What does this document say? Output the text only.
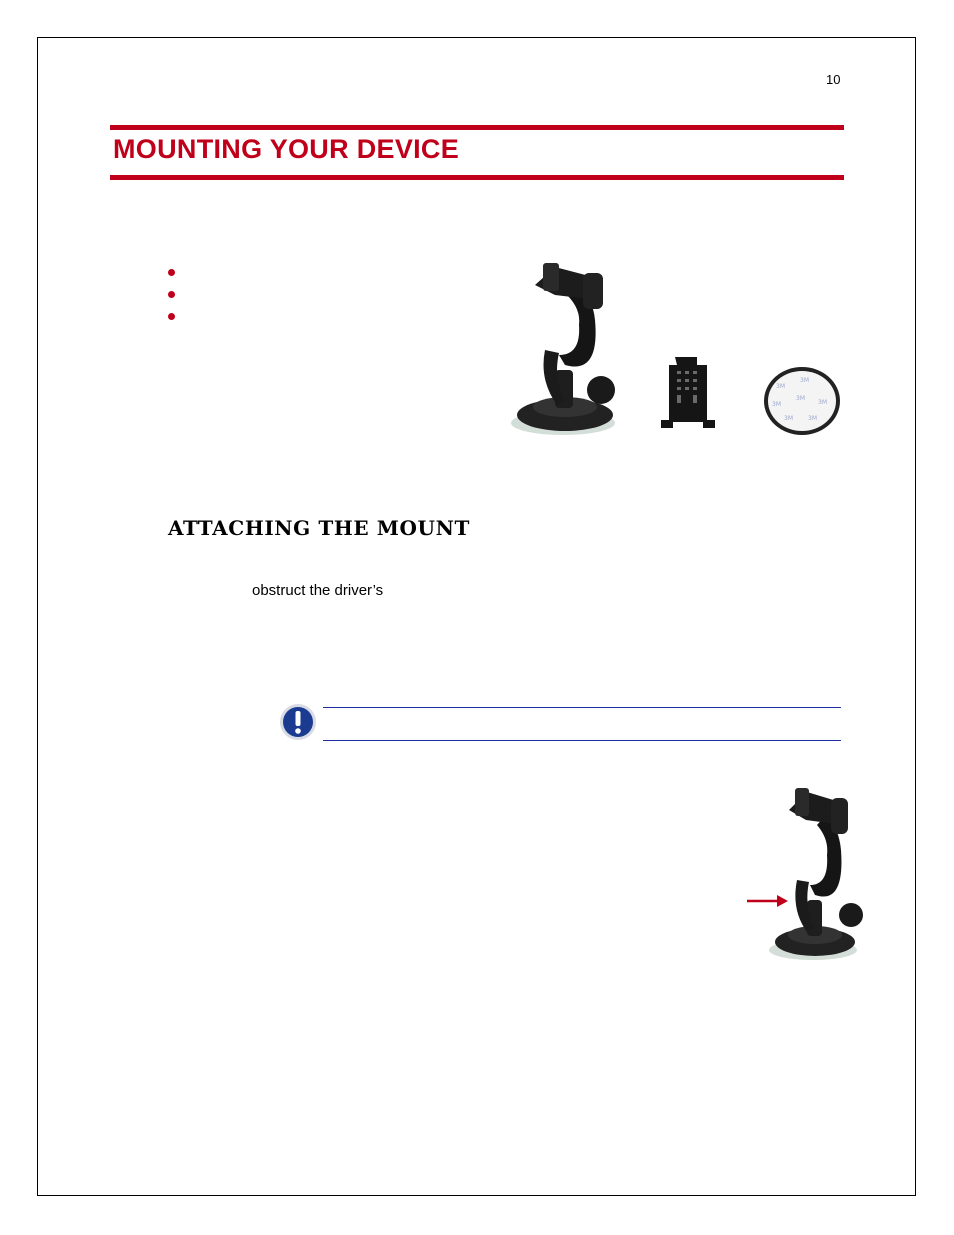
10
MOUNTING YOUR DEVICE
3M
3M
3M
3M
3M
3M	3M
ATTACHING THE MOUNT
obstruct the driver’s
